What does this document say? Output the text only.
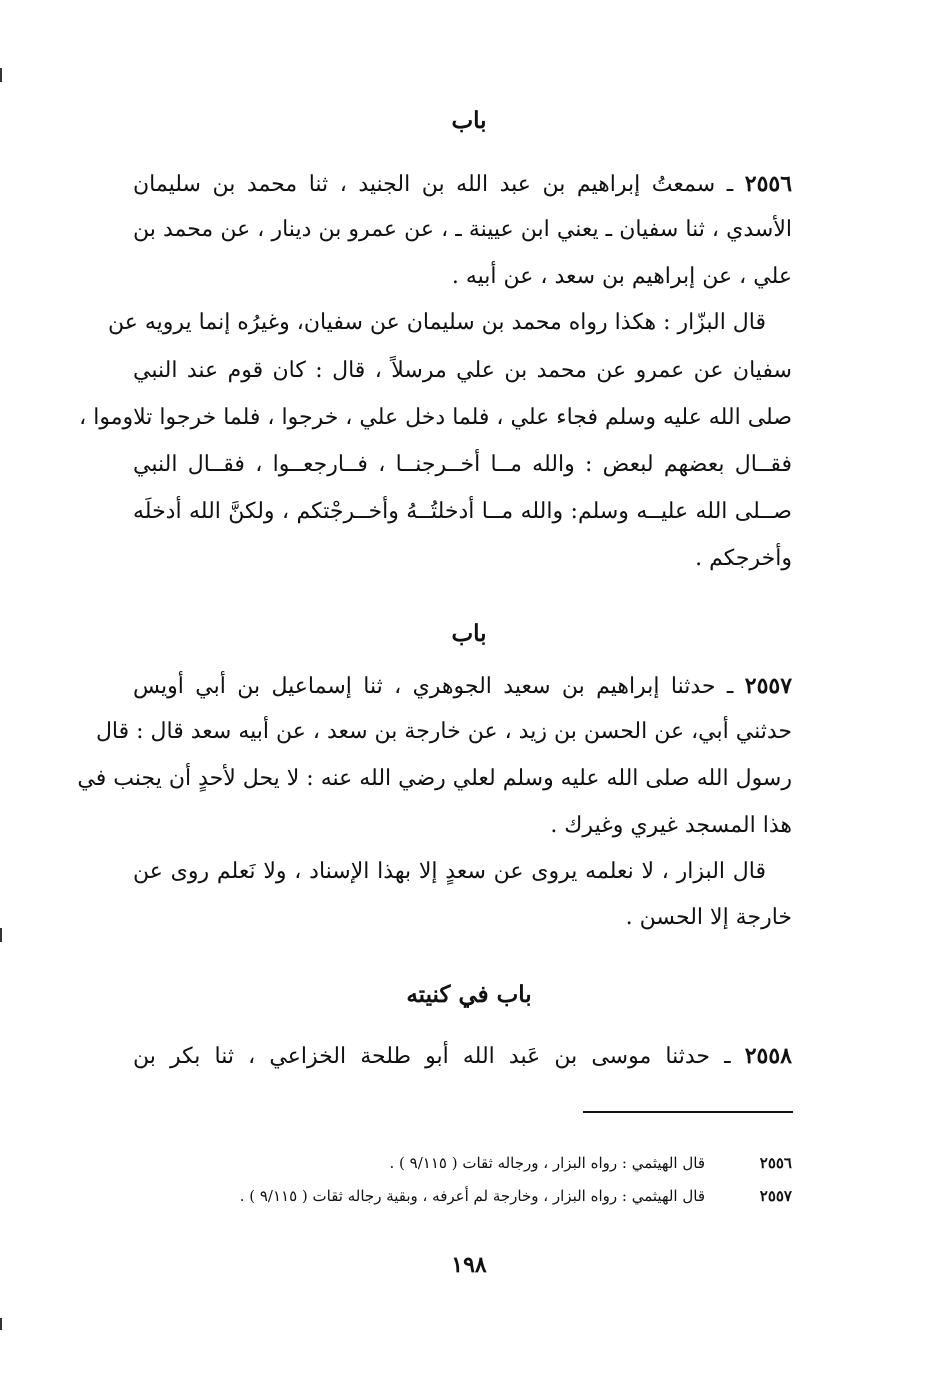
باب
٢٥٥٦ ـ سمعتُ إبراهيم بن عبد الله بن الجنيد ، ثنا محمد بن سليمان
الأسدي ، ثنا سفيان ـ يعني ابن عيينة ـ ، عن عمرو بن دينار ، عن محمد بن
علي ، عن إبراهيم بن سعد ، عن أبيه .
قال البزّار : هكذا رواه محمد بن سليمان عن سفيان، وغيرُه إنما يرويه عن
سفيان عن عمرو عن محمد بن علي مرسلاً ، قال : كان قوم عند النبي
صلى الله عليه وسلم فجاء علي ، فلما دخل علي ، خرجوا ، فلما خرجوا تلاوموا ،
فقــال بعضهم لبعض : والله مــا أخــرجنــا ، فــارجعــوا ، فقــال النبي
صــلى الله عليــه وسلم: والله مــا أدخلتُــهُ وأخــرجْتكم ، ولكنَّ الله أدخلَه
وأخرجكم .
باب
٢٥٥٧ ـ حدثنا إبراهيم بن سعيد الجوهري ، ثنا إسماعيل بن أبي أويس
حدثني أبي، عن الحسن بن زيد ، عن خارجة بن سعد ، عن أبيه سعد قال : قال
رسول الله صلى الله عليه وسلم لعلي رضي الله عنه : لا يحل لأحدٍ أن يجنب في
هذا المسجد غيري وغيرك .
قال البزار ، لا نعلمه يروى عن سعدٍ إلا بهذا الإسناد ، ولا نَعلم روى عن
خارجة إلا الحسن .
باب في كنيته
٢٥٥٨ ـ حدثنا موسى بن عَبد الله أبو طلحة الخزاعي ، ثنا بكر بن
٢٥٥٦
قال الهيثمي : رواه البزار ، ورجاله ثقات ( ٩/١١٥ ) .
٢٥٥٧
قال الهيثمي : رواه البزار ، وخارجة لم أعرفه ، وبقية رجاله ثقات ( ٩/١١٥ ) .
١٩٨
